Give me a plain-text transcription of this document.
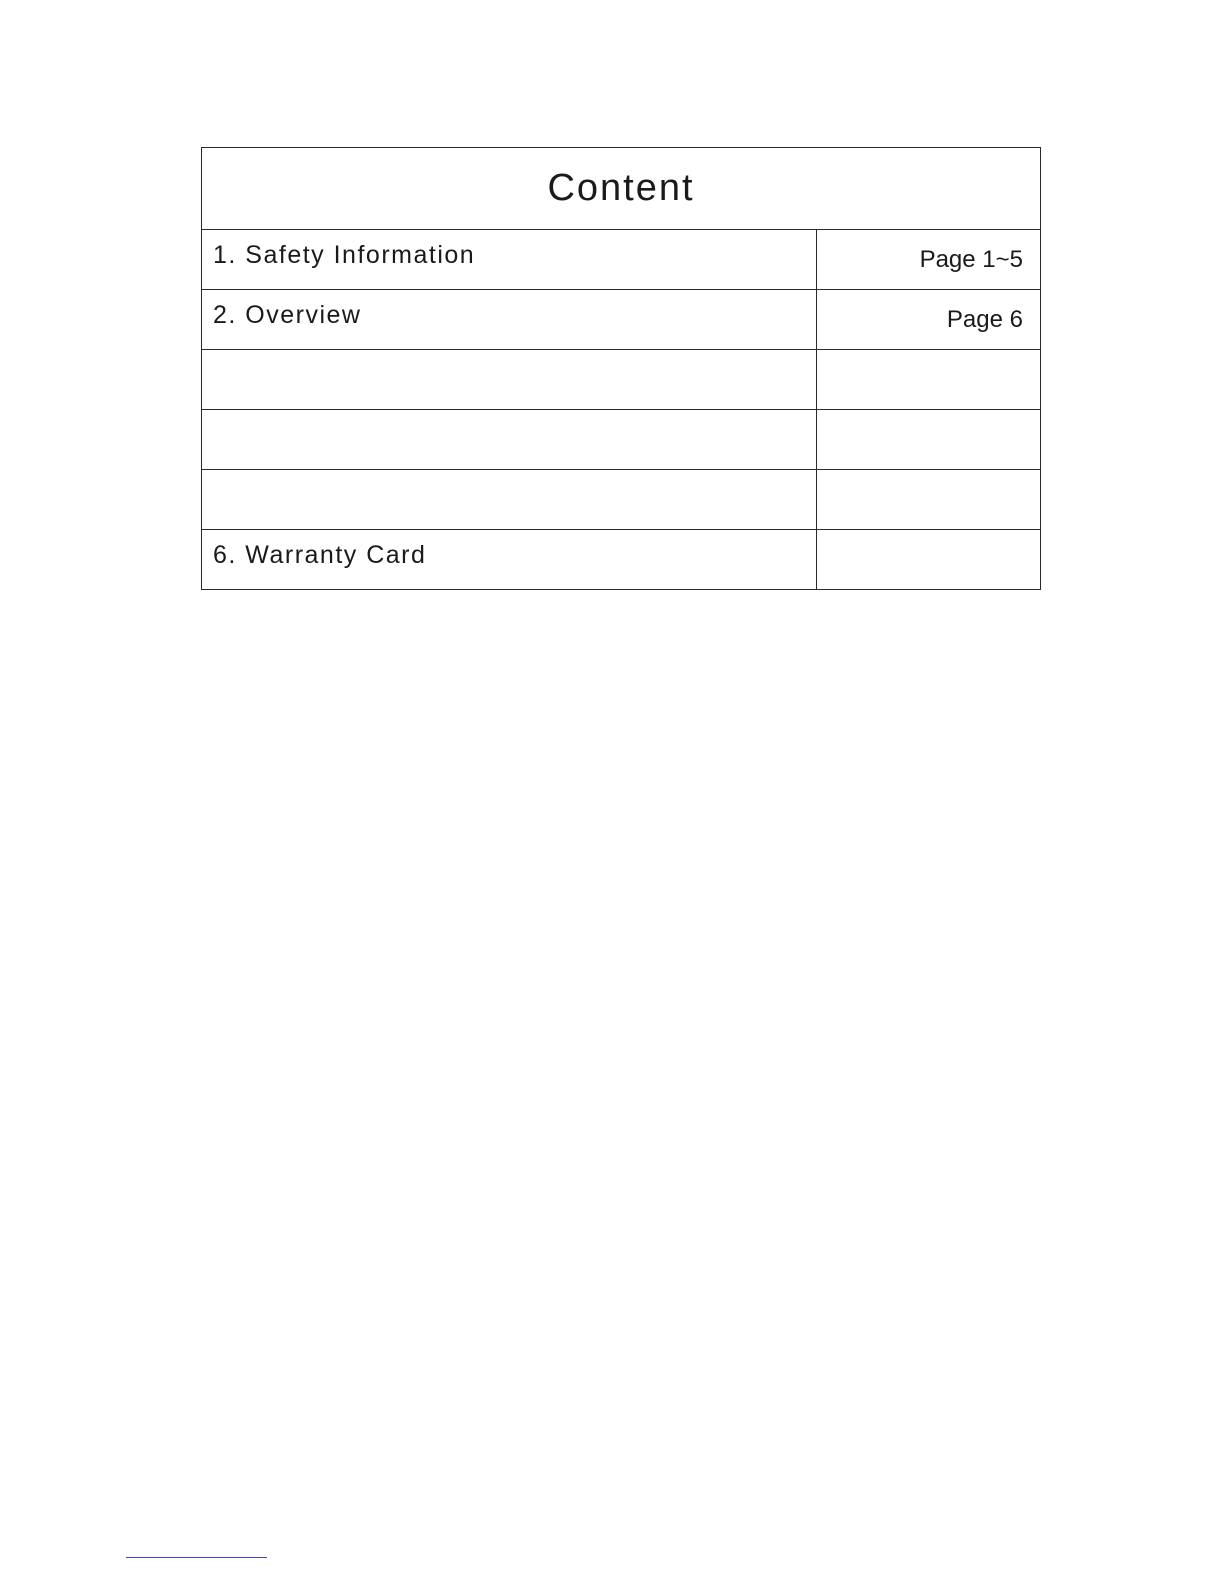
Content	

1. Safety Information	Page 1~5

2. Overview	Page 6

6. Warranty Card	
